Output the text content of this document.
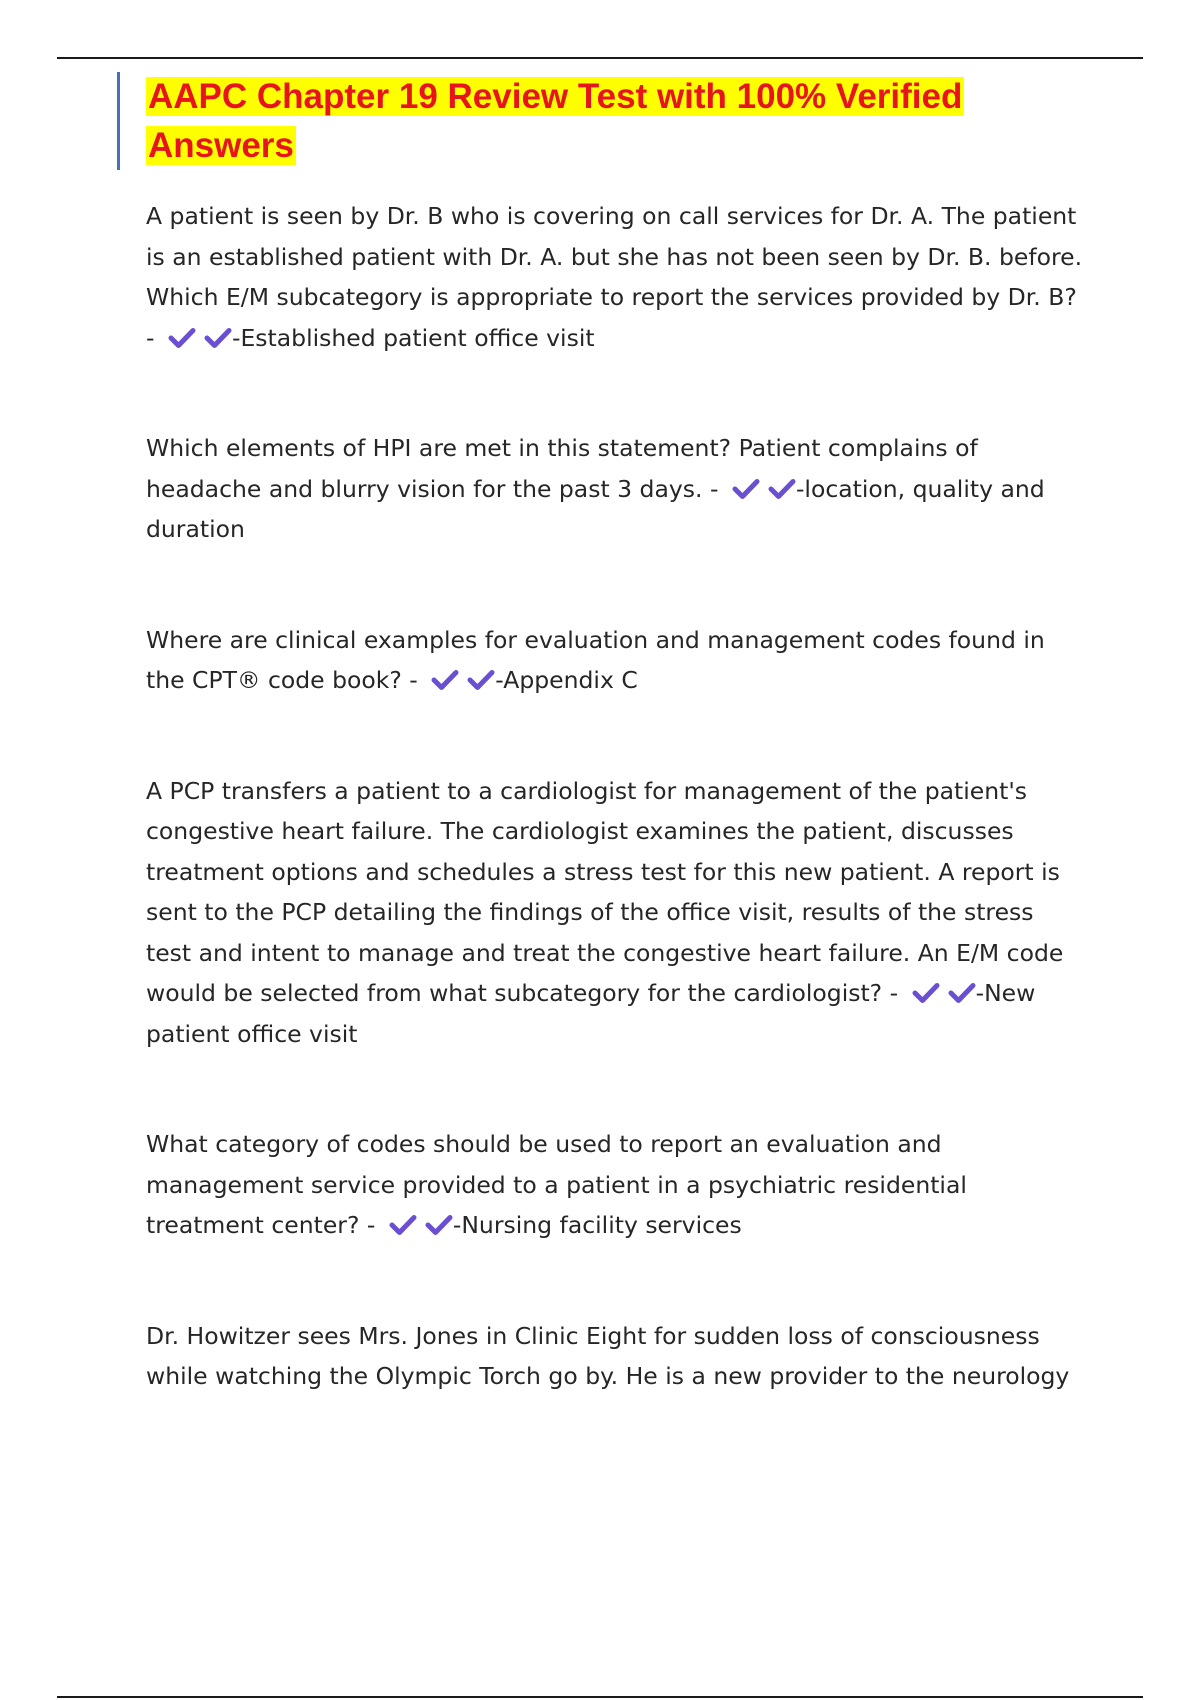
AAPC Chapter 19 Review Test with 100% Verified Answers

A patient is seen by Dr. B who is covering on call services for Dr. A. The patient is an established patient with Dr. A. but she has not been seen by Dr. B. before. Which E/M subcategory is appropriate to report the services provided by Dr. B? -	-Established patient office visit

Which elements of HPI are met in this statement? Patient complains of headache and blurry vision for the past 3 days. -	-location, quality and duration

Where are clinical examples for evaluation and management codes found in the CPT® code book? -	-Appendix C

A PCP transfers a patient to a cardiologist for management of the patient's congestive heart failure. The cardiologist examines the patient, discusses treatment options and schedules a stress test for this new patient. A report is sent to the PCP detailing the findings of the office visit, results of the stress test and intent to manage and treat the congestive heart failure. An E/M code would be selected from what subcategory for the cardiologist? -	-New patient office visit

What category of codes should be used to report an evaluation and management service provided to a patient in a psychiatric residential treatment center? -	-Nursing facility services

Dr. Howitzer sees Mrs. Jones in Clinic Eight for sudden loss of consciousness while watching the Olympic Torch go by. He is a new provider to the neurology
